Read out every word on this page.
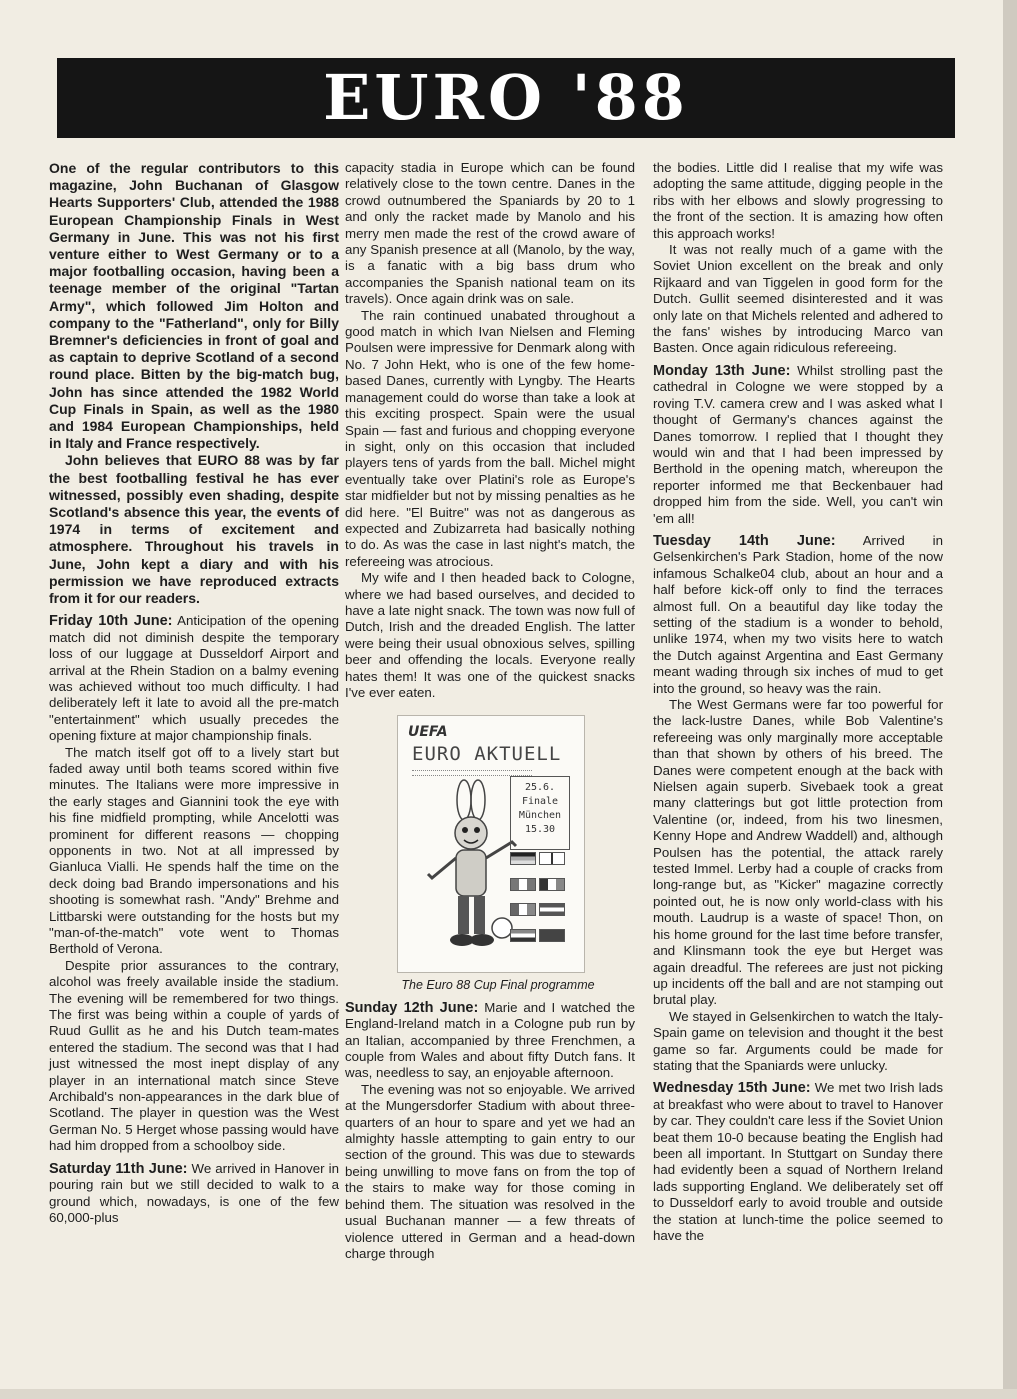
EURO '88

One of the regular contributors to this magazine, John Buchanan of Glasgow Hearts Supporters' Club, attended the 1988 European Championship Finals in West Germany in June. This was not his first venture either to West Germany or to a major footballing occasion, having been a teenage member of the original "Tartan Army", which followed Jim Holton and company to the "Fatherland", only for Billy Bremner's deficiencies in front of goal and as captain to deprive Scotland of a second round place. Bitten by the big-match bug, John has since attended the 1982 World Cup Finals in Spain, as well as the 1980 and 1984 European Championships, held in Italy and France respectively.

John believes that EURO 88 was by far the best footballing festival he has ever witnessed, possibly even shading, despite Scotland's absence this year, the events of 1974 in terms of excitement and atmosphere. Throughout his travels in June, John kept a diary and with his permission we have reproduced extracts from it for our readers.

Friday 10th June: Anticipation of the opening match did not diminish despite the temporary loss of our luggage at Dusseldorf Airport and arrival at the Rhein Stadion on a balmy evening was achieved without too much difficulty. I had deliberately left it late to avoid all the pre-match "entertainment" which usually precedes the opening fixture at major championship finals.

The match itself got off to a lively start but faded away until both teams scored within five minutes. The Italians were more impressive in the early stages and Giannini took the eye with his fine midfield prompting, while Ancelotti was prominent for different reasons — chopping opponents in two. Not at all impressed by Gianluca Vialli. He spends half the time on the deck doing bad Brando impersonations and his shooting is somewhat rash. "Andy" Brehme and Littbarski were outstanding for the hosts but my "man-of-the-match" vote went to Thomas Berthold of Verona.

Despite prior assurances to the contrary, alcohol was freely available inside the stadium. The evening will be remembered for two things. The first was being within a couple of yards of Ruud Gullit as he and his Dutch team-mates entered the stadium. The second was that I had just witnessed the most inept display of any player in an international match since Steve Archibald's non-appearances in the dark blue of Scotland. The player in question was the West German No. 5 Herget whose passing would have had him dropped from a schoolboy side.

Saturday 11th June: We arrived in Hanover in pouring rain but we still decided to walk to a ground which, nowadays, is one of the few 60,000-plus

capacity stadia in Europe which can be found relatively close to the town centre. Danes in the crowd outnumbered the Spaniards by 20 to 1 and only the racket made by Manolo and his merry men made the rest of the crowd aware of any Spanish presence at all (Manolo, by the way, is a fanatic with a big bass drum who accompanies the Spanish national team on its travels). Once again drink was on sale.

The rain continued unabated throughout a good match in which Ivan Nielsen and Fleming Poulsen were impressive for Denmark along with No. 7 John Hekt, who is one of the few home-based Danes, currently with Lyngby. The Hearts management could do worse than take a look at this exciting prospect. Spain were the usual Spain — fast and furious and chopping everyone in sight, only on this occasion that included players tens of yards from the ball. Michel might eventually take over Platini's role as Europe's star midfielder but not by missing penalties as he did here. "El Buitre" was not as dangerous as expected and Zubizarreta had basically nothing to do. As was the case in last night's match, the refereeing was atrocious.

My wife and I then headed back to Cologne, where we had based ourselves, and decided to have a late night snack. The town was now full of Dutch, Irish and the dreaded English. The latter were being their usual obnoxious selves, spilling beer and offending the locals. Everyone really hates them! It was one of the quickest snacks I've ever eaten.

UEFA
EURO AKTUELL
25.6.
Finale
München
15.30

The Euro 88 Cup Final programme

Sunday 12th June: Marie and I watched the England-Ireland match in a Cologne pub run by an Italian, accompanied by three Frenchmen, a couple from Wales and about fifty Dutch fans. It was, needless to say, an enjoyable afternoon.

The evening was not so enjoyable. We arrived at the Mungersdorfer Stadium with about three-quarters of an hour to spare and yet we had an almighty hassle attempting to gain entry to our section of the ground. This was due to stewards being unwilling to move fans on from the top of the stairs to make way for those coming in behind them. The situation was resolved in the usual Buchanan manner — a few threats of violence uttered in German and a head-down charge through

the bodies. Little did I realise that my wife was adopting the same attitude, digging people in the ribs with her elbows and slowly progressing to the front of the section. It is amazing how often this approach works!

It was not really much of a game with the Soviet Union excellent on the break and only Rijkaard and van Tiggelen in good form for the Dutch. Gullit seemed disinterested and it was only late on that Michels relented and adhered to the fans' wishes by introducing Marco van Basten. Once again ridiculous refereeing.

Monday 13th June: Whilst strolling past the cathedral in Cologne we were stopped by a roving T.V. camera crew and I was asked what I thought of Germany's chances against the Danes tomorrow. I replied that I thought they would win and that I had been impressed by Berthold in the opening match, whereupon the reporter informed me that Beckenbauer had dropped him from the side. Well, you can't win 'em all!

Tuesday 14th June: Arrived in Gelsenkirchen's Park Stadion, home of the now infamous Schalke04 club, about an hour and a half before kick-off only to find the terraces almost full. On a beautiful day like today the setting of the stadium is a wonder to behold, unlike 1974, when my two visits here to watch the Dutch against Argentina and East Germany meant wading through six inches of mud to get into the ground, so heavy was the rain.

The West Germans were far too powerful for the lack-lustre Danes, while Bob Valentine's refereeing was only marginally more acceptable than that shown by others of his breed. The Danes were competent enough at the back with Nielsen again superb. Sivebaek took a great many clatterings but got little protection from Valentine (or, indeed, from his two linesmen, Kenny Hope and Andrew Waddell) and, although Poulsen has the potential, the attack rarely tested Immel. Lerby had a couple of cracks from long-range but, as "Kicker" magazine correctly pointed out, he is now only world-class with his mouth. Laudrup is a waste of space! Thon, on his home ground for the last time before transfer, and Klinsmann took the eye but Herget was again dreadful. The referees are just not picking up incidents off the ball and are not stamping out brutal play.

We stayed in Gelsenkirchen to watch the Italy-Spain game on television and thought it the best game so far. Arguments could be made for stating that the Spaniards were unlucky.

Wednesday 15th June: We met two Irish lads at breakfast who were about to travel to Hanover by car. They couldn't care less if the Soviet Union beat them 10-0 because beating the English had been all important. In Stuttgart on Sunday there had evidently been a squad of Northern Ireland lads supporting England. We deliberately set off to Dusseldorf early to avoid trouble and outside the station at lunch-time the police seemed to have the
